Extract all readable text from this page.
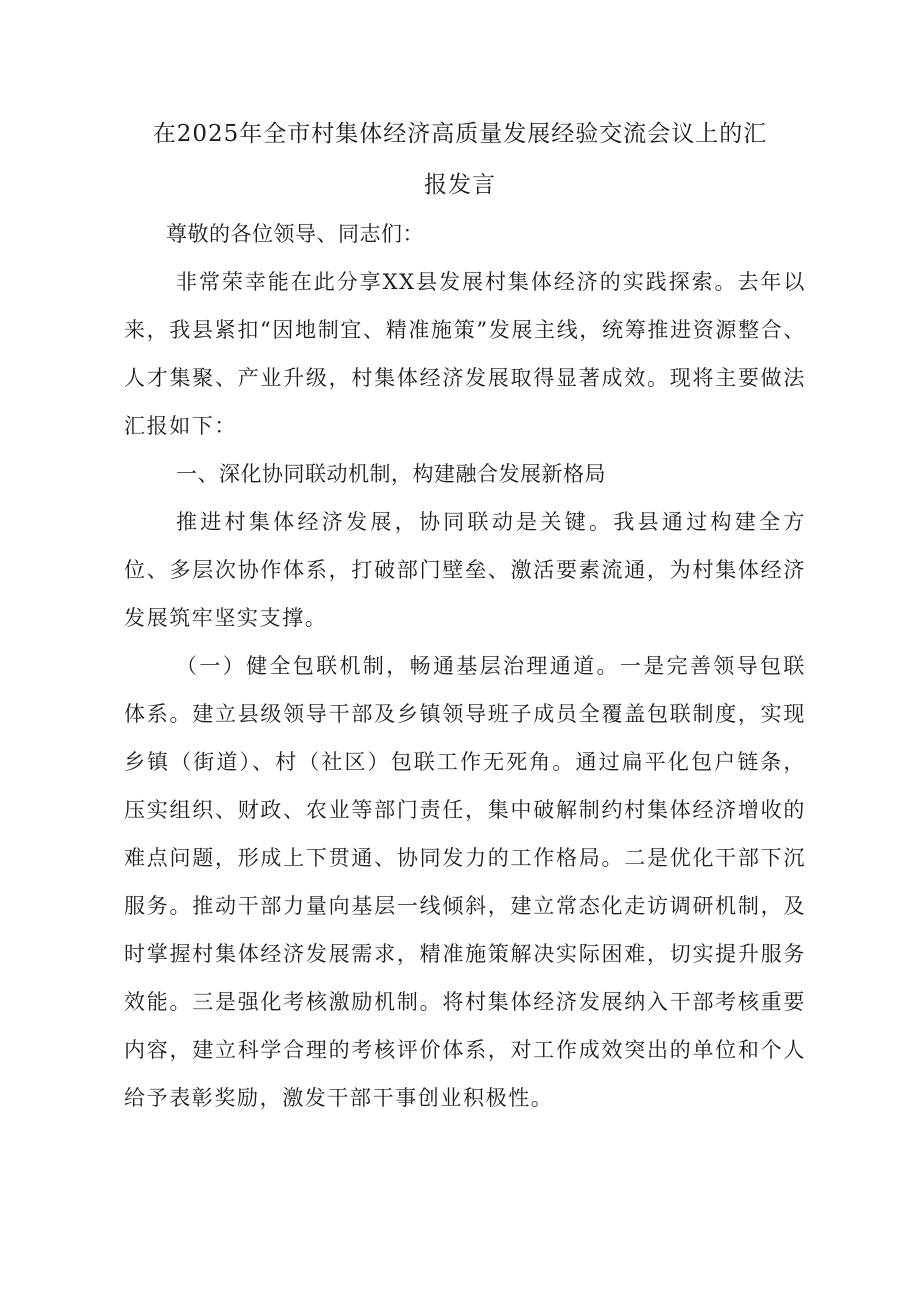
在2025年全市村集体经济高质量发展经验交流会议上的汇
报发言

尊敬的各位领导、同志们：

非常荣幸能在此分享XX县发展村集体经济的实践探索。去年以来，我县紧扣“因地制宜、精准施策”发展主线，统筹推进资源整合、人才集聚、产业升级，村集体经济发展取得显著成效。现将主要做法汇报如下：

一、深化协同联动机制，构建融合发展新格局

推进村集体经济发展，协同联动是关键。我县通过构建全方位、多层次协作体系，打破部门壁垒、激活要素流通，为村集体经济发展筑牢坚实支撑。

（一）健全包联机制，畅通基层治理通道。一是完善领导包联体系。建立县级领导干部及乡镇领导班子成员全覆盖包联制度，实现乡镇（街道）、村（社区）包联工作无死角。通过扁平化包户链条，压实组织、财政、农业等部门责任，集中破解制约村集体经济增收的难点问题，形成上下贯通、协同发力的工作格局。二是优化干部下沉服务。推动干部力量向基层一线倾斜，建立常态化走访调研机制，及时掌握村集体经济发展需求，精准施策解决实际困难，切实提升服务效能。三是强化考核激励机制。将村集体经济发展纳入干部考核重要内容，建立科学合理的考核评价体系，对工作成效突出的单位和个人给予表彰奖励，激发干部干事创业积极性。
